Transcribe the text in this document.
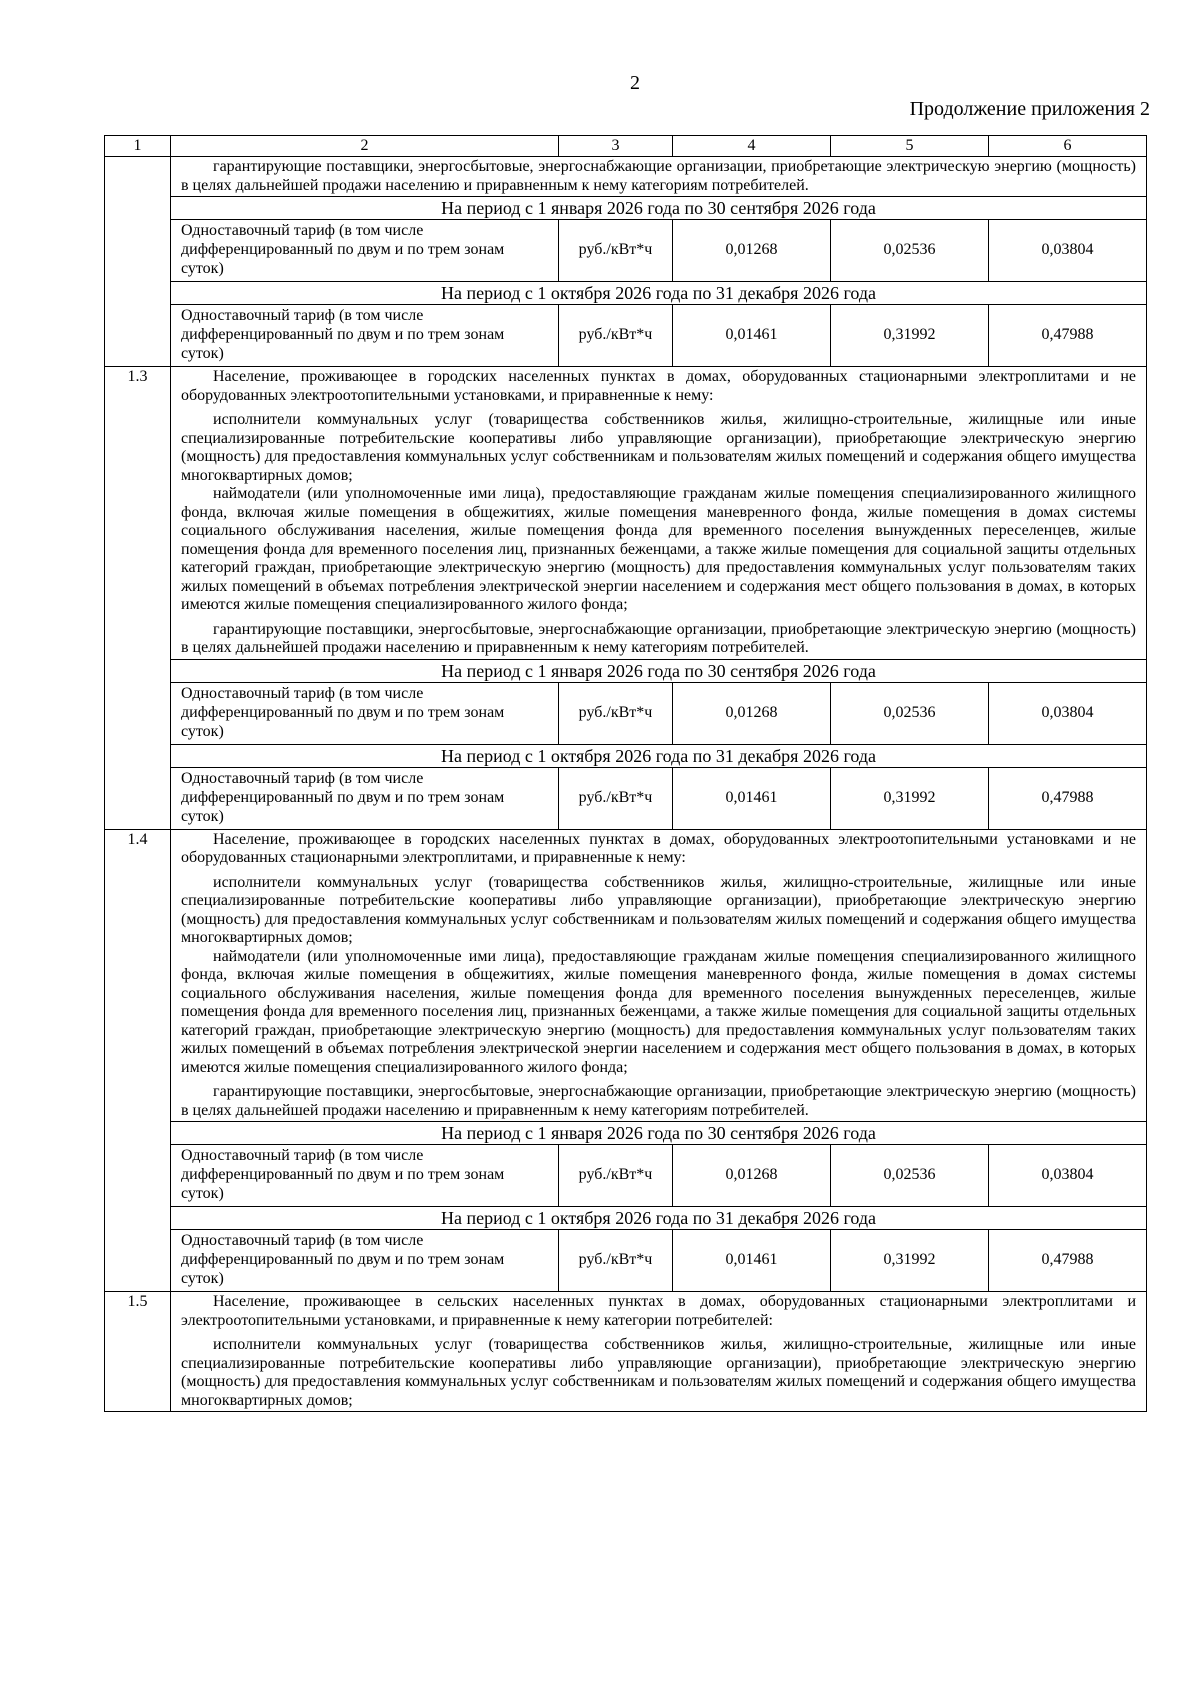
2
Продолжение приложения 2
1	2	3	4	5	6

	гарантирующие поставщики, энергосбытовые, энергоснабжающие организации, приобретающие электрическую энергию (мощность) в целях дальнейшей продажи населению и приравненным к нему категориям потребителей.				

	На период с 1 января 2026 года по 30 сентября 2026 года				
	Одноставочный тариф (в том числе дифференцированный по двум и по трем зонам суток)	руб./кВт*ч	0,01268	0,02536	0,03804
	На период с 1 октября 2026 года по 31 декабря 2026 года				
	Одноставочный тариф (в том числе дифференцированный по двум и по трем зонам суток)	руб./кВт*ч	0,01461	0,31992	0,47988
1.3	Население, проживающее в городских населенных пунктах в домах, оборудованных стационарными электроплитами и не оборудованных электроотопительными установками, и приравненные к нему:

исполнители коммунальных услуг (товарищества собственников жилья, жилищно-строительные, жилищные или иные специализированные потребительские кооперативы либо управляющие организации), приобретающие электрическую энергию (мощность) для предоставления коммунальных услуг собственникам и пользователям жилых помещений и содержания общего имущества многоквартирных домов;

наймодатели (или уполномоченные ими лица), предоставляющие гражданам жилые помещения специализированного жилищного фонда, включая жилые помещения в общежитиях, жилые помещения маневренного фонда, жилые помещения в домах системы социального обслуживания населения, жилые помещения фонда для временного поселения вынужденных переселенцев, жилые помещения фонда для временного поселения лиц, признанных беженцами, а также жилые помещения для социальной защиты отдельных категорий граждан, приобретающие электрическую энергию (мощность) для предоставления коммунальных услуг пользователям таких жилых помещений в объемах потребления электрической энергии населением и содержания мест общего пользования в домах, в которых имеются жилые помещения специализированного жилого фонда;

гарантирующие поставщики, энергосбытовые, энергоснабжающие организации, приобретающие электрическую энергию (мощность) в целях дальнейшей продажи населению и приравненным к нему категориям потребителей.				

	На период с 1 января 2026 года по 30 сентября 2026 года				
	Одноставочный тариф (в том числе дифференцированный по двум и по трем зонам суток)	руб./кВт*ч	0,01268	0,02536	0,03804
	На период с 1 октября 2026 года по 31 декабря 2026 года				
	Одноставочный тариф (в том числе дифференцированный по двум и по трем зонам суток)	руб./кВт*ч	0,01461	0,31992	0,47988
1.4	Население, проживающее в городских населенных пунктах в домах, оборудованных электроотопительными установками и не оборудованных стационарными электроплитами, и приравненные к нему:

исполнители коммунальных услуг (товарищества собственников жилья, жилищно-строительные, жилищные или иные специализированные потребительские кооперативы либо управляющие организации), приобретающие электрическую энергию (мощность) для предоставления коммунальных услуг собственникам и пользователям жилых помещений и содержания общего имущества многоквартирных домов;

наймодатели (или уполномоченные ими лица), предоставляющие гражданам жилые помещения специализированного жилищного фонда, включая жилые помещения в общежитиях, жилые помещения маневренного фонда, жилые помещения в домах системы социального обслуживания населения, жилые помещения фонда для временного поселения вынужденных переселенцев, жилые помещения фонда для временного поселения лиц, признанных беженцами, а также жилые помещения для социальной защиты отдельных категорий граждан, приобретающие электрическую энергию (мощность) для предоставления коммунальных услуг пользователям таких жилых помещений в объемах потребления электрической энергии населением и содержания мест общего пользования в домах, в которых имеются жилые помещения специализированного жилого фонда;

гарантирующие поставщики, энергосбытовые, энергоснабжающие организации, приобретающие электрическую энергию (мощность) в целях дальнейшей продажи населению и приравненным к нему категориям потребителей.				

	На период с 1 января 2026 года по 30 сентября 2026 года				
	Одноставочный тариф (в том числе дифференцированный по двум и по трем зонам суток)	руб./кВт*ч	0,01268	0,02536	0,03804
	На период с 1 октября 2026 года по 31 декабря 2026 года				
	Одноставочный тариф (в том числе дифференцированный по двум и по трем зонам суток)	руб./кВт*ч	0,01461	0,31992	0,47988
1.5	Население, проживающее в сельских населенных пунктах в домах, оборудованных стационарными электроплитами и электроотопительными установками, и приравненные к нему категории потребителей:

исполнители коммунальных услуг (товарищества собственников жилья, жилищно-строительные, жилищные или иные специализированные потребительские кооперативы либо управляющие организации), приобретающие электрическую энергию (мощность) для предоставления коммунальных услуг собственникам и пользователям жилых помещений и содержания общего имущества многоквартирных домов;				
